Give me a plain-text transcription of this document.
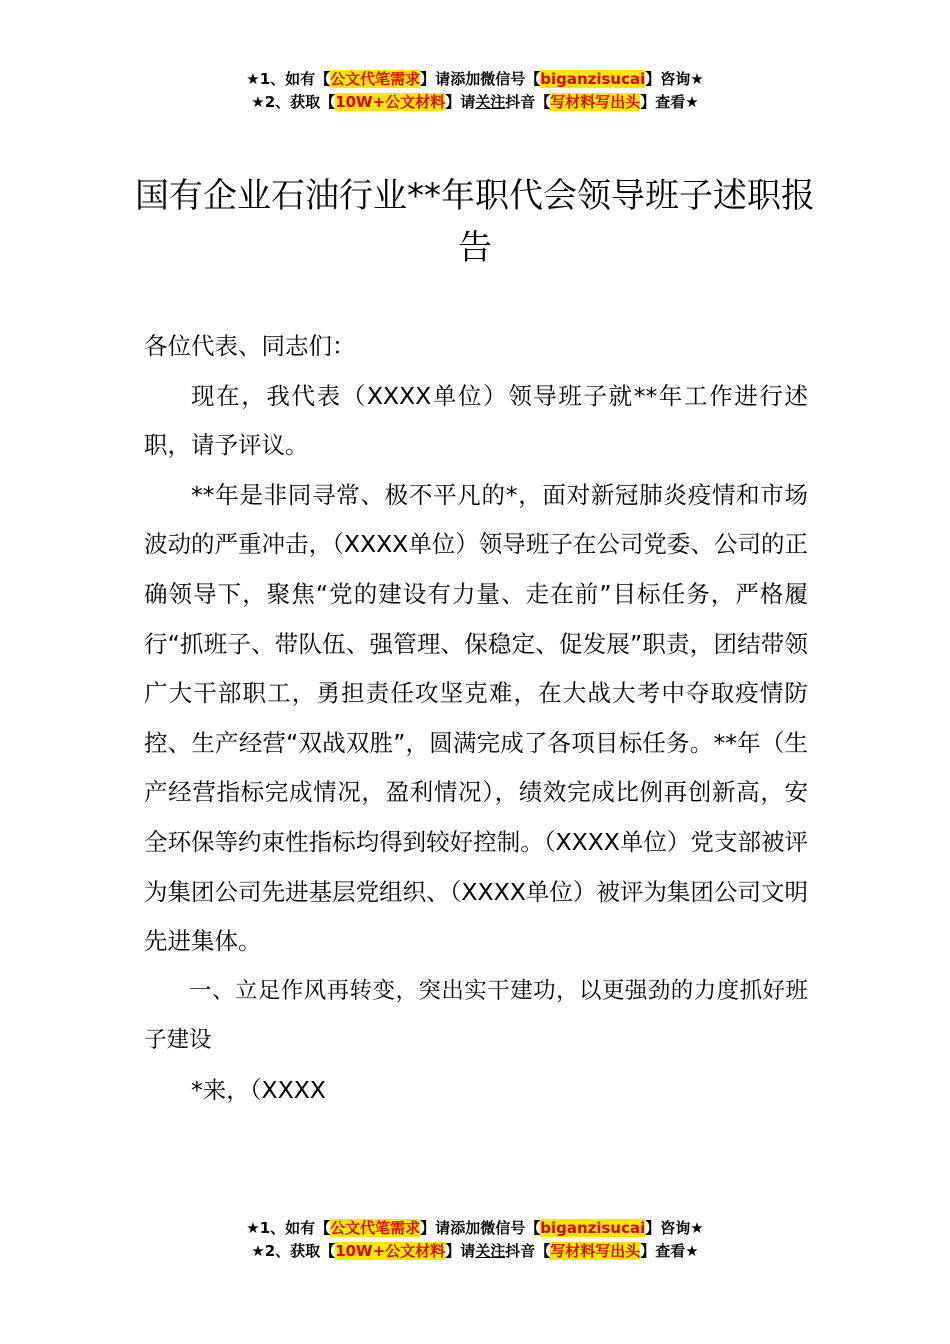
★1、如有【公文代笔需求】请添加微信号【biganzisucai】咨询★
★2、获取【10W+公文材料】请关注抖音【写材料写出头】查看★
国有企业石油行业**年职代会领导班子述职报告

各位代表、同志们：

现在，我代表（XXXX单位）领导班子就**年工作进行述职，请予评议。

**年是非同寻常、极不平凡的*，面对新冠肺炎疫情和市场波动的严重冲击，（XXXX单位）领导班子在公司党委、公司的正确领导下，聚焦“党的建设有力量、走在前”目标任务，严格履行“抓班子、带队伍、强管理、保稳定、促发展”职责，团结带领广大干部职工，勇担责任攻坚克难，在大战大考中夺取疫情防控、生产经营“双战双胜”，圆满完成了各项目标任务。**年（生产经营指标完成情况，盈利情况），绩效完成比例再创新高，安全环保等约束性指标均得到较好控制。（XXXX单位）党支部被评为集团公司先进基层党组织、（XXXX单位）被评为集团公司文明先进集体。

一、立足作风再转变，突出实干建功，以更强劲的力度抓好班子建设

*来，（XXXX

★1、如有【公文代笔需求】请添加微信号【biganzisucai】咨询★
★2、获取【10W+公文材料】请关注抖音【写材料写出头】查看★
